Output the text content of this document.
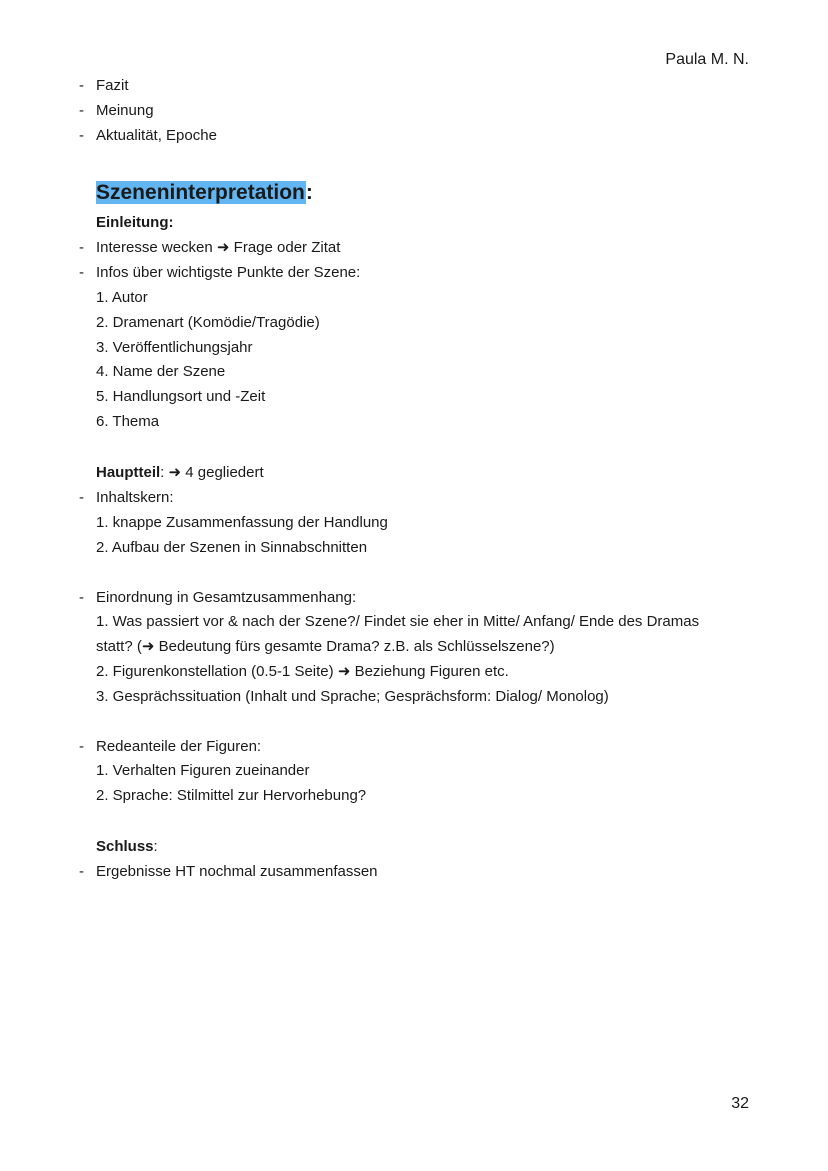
Paula M. N.
- Fazit
- Meinung
- Aktualität, Epoche
Szeneninterpretation:
Einleitung:
- Interesse wecken ➜ Frage oder Zitat
- Infos über wichtigste Punkte der Szene:
1. Autor
2. Dramenart (Komödie/Tragödie)
3. Veröffentlichungsjahr
4. Name der Szene
5. Handlungsort und -Zeit
6. Thema
Hauptteil: ➜ 4 gegliedert
- Inhaltskern:
1. knappe Zusammenfassung der Handlung
2. Aufbau der Szenen in Sinnabschnitten
- Einordnung in Gesamtzusammenhang:
1. Was passiert vor & nach der Szene?/ Findet sie eher in Mitte/ Anfang/ Ende des Dramas
statt? (➜ Bedeutung fürs gesamte Drama? z.B. als Schlüsselszene?)
2. Figurenkonstellation (0.5-1 Seite) ➜ Beziehung Figuren etc.
3. Gesprächssituation (Inhalt und Sprache; Gesprächsform: Dialog/ Monolog)
- Redeanteile der Figuren:
1. Verhalten Figuren zueinander
2. Sprache: Stilmittel zur Hervorhebung?
Schluss:
- Ergebnisse HT nochmal zusammenfassen
32
